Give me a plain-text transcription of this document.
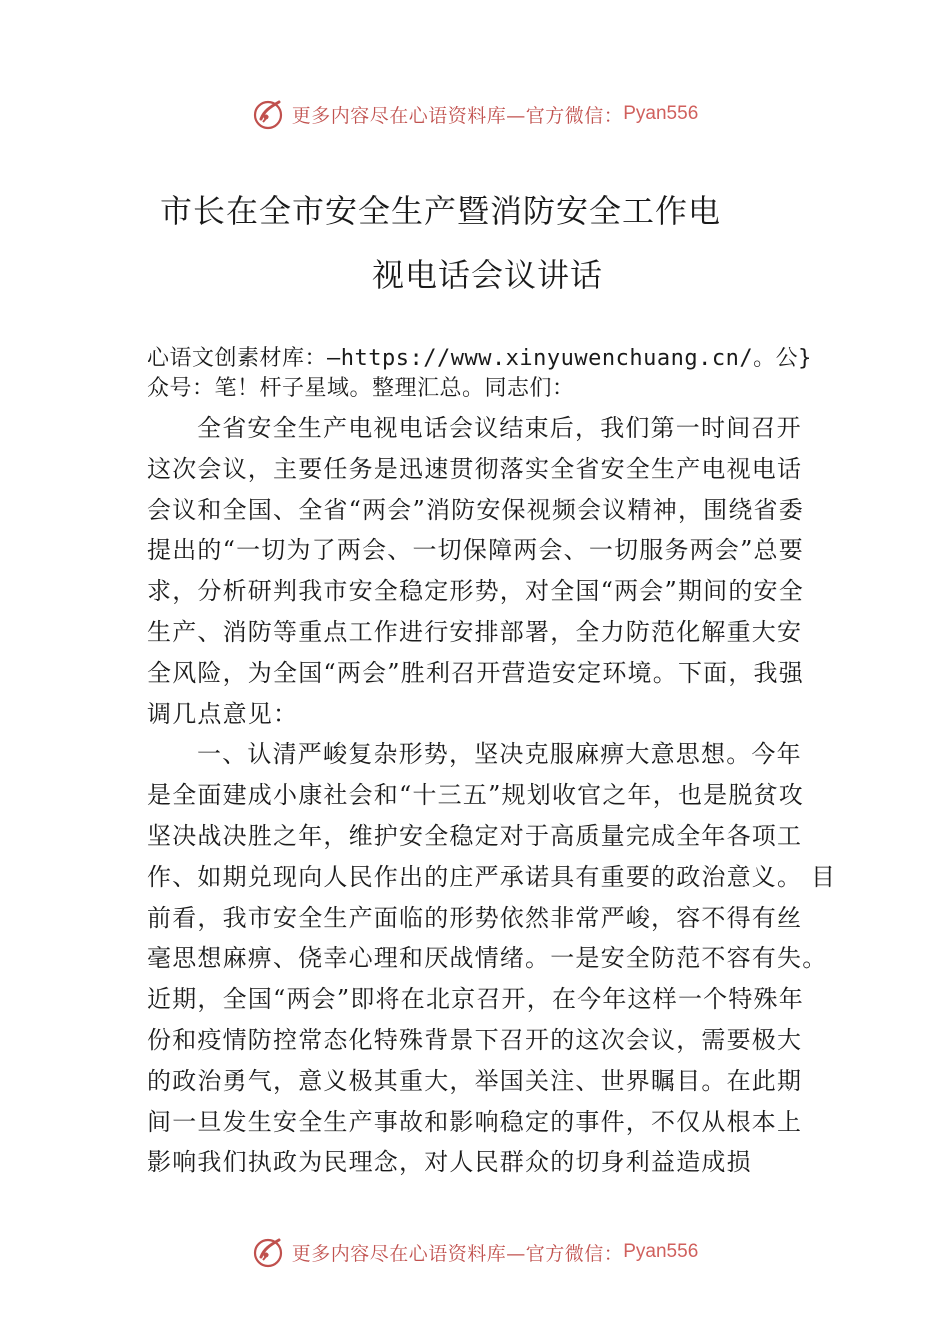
更多内容尽在心语资料库—官方微信： Pyan556
市长在全市安全生产暨消防安全工作电
视电话会议讲话
心语文创素材库：—https://www.xinyuwenchuang.cn/。公}
众号：笔！杆子星域。整理汇总。同志们：
全省安全生产电视电话会议结束后，我们第一时间召开
这次会议，主要任务是迅速贯彻落实全省安全生产电视电话
会议和全国、全省“两会”消防安保视频会议精神，围绕省委
提出的“一切为了两会、一切保障两会、一切服务两会”总要
求，分析研判我市安全稳定形势，对全国“两会”期间的安全
生产、消防等重点工作进行安排部署，全力防范化解重大安
全风险，为全国“两会”胜利召开营造安定环境。下面，我强
调几点意见：
一、认清严峻复杂形势，坚决克服麻痹大意思想。今年
是全面建成小康社会和“十三五”规划收官之年，也是脱贫攻
坚决战决胜之年，维护安全稳定对于高质量完成全年各项工
作、如期兑现向人民作出的庄严承诺具有重要的政治意义。 目
前看，我市安全生产面临的形势依然非常严峻，容不得有丝
毫思想麻痹、侥幸心理和厌战情绪。一是安全防范不容有失。
近期，全国“两会”即将在北京召开，在今年这样一个特殊年
份和疫情防控常态化特殊背景下召开的这次会议，需要极大
的政治勇气，意义极其重大，举国关注、世界瞩目。在此期
间一旦发生安全生产事故和影响稳定的事件，不仅从根本上
影响我们执政为民理念，对人民群众的切身利益造成损
更多内容尽在心语资料库—官方微信： Pyan556
